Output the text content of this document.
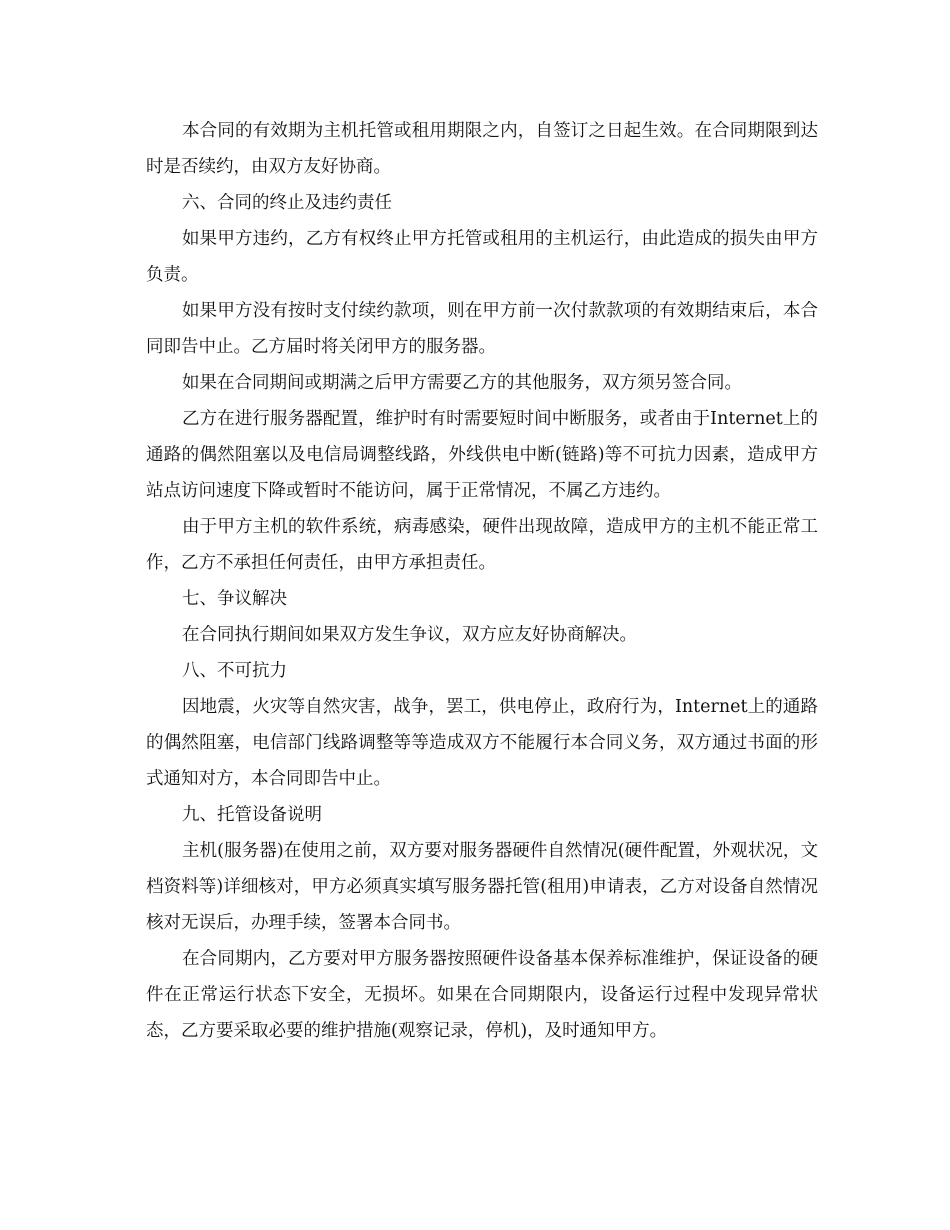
本合同的有效期为主机托管或租用期限之内，自签订之日起生效。在合同期限到达时是否续约，由双方友好协商。

六、合同的终止及违约责任

如果甲方违约，乙方有权终止甲方托管或租用的主机运行，由此造成的损失由甲方负责。

如果甲方没有按时支付续约款项，则在甲方前一次付款款项的有效期结束后，本合同即告中止。乙方届时将关闭甲方的服务器。

如果在合同期间或期满之后甲方需要乙方的其他服务，双方须另签合同。

乙方在进行服务器配置，维护时有时需要短时间中断服务，或者由于Internet上的通路的偶然阻塞以及电信局调整线路，外线供电中断(链路)等不可抗力因素，造成甲方站点访问速度下降或暂时不能访问，属于正常情况，不属乙方违约。

由于甲方主机的软件系统，病毒感染，硬件出现故障，造成甲方的主机不能正常工作，乙方不承担任何责任，由甲方承担责任。

七、争议解决

在合同执行期间如果双方发生争议，双方应友好协商解决。

八、不可抗力

因地震，火灾等自然灾害，战争，罢工，供电停止，政府行为，Internet上的通路的偶然阻塞，电信部门线路调整等等造成双方不能履行本合同义务，双方通过书面的形式通知对方，本合同即告中止。

九、托管设备说明

主机(服务器)在使用之前，双方要对服务器硬件自然情况(硬件配置，外观状况，文档资料等)详细核对，甲方必须真实填写服务器托管(租用)申请表，乙方对设备自然情况核对无误后，办理手续，签署本合同书。

在合同期内，乙方要对甲方服务器按照硬件设备基本保养标准维护，保证设备的硬件在正常运行状态下安全，无损坏。如果在合同期限内，设备运行过程中发现异常状态，乙方要采取必要的维护措施(观察记录，停机)，及时通知甲方。
